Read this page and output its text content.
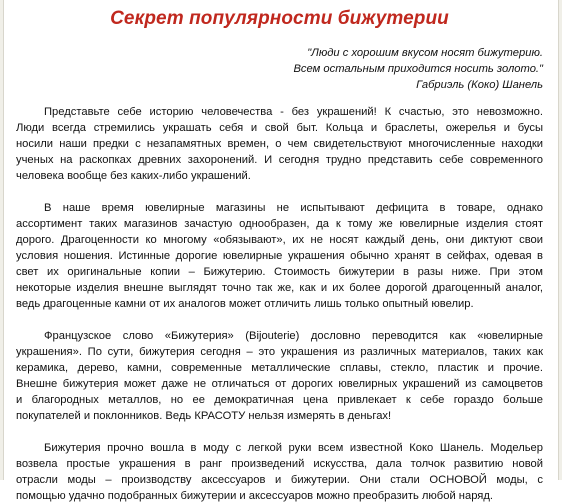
Секрет популярности бижутерии
"Люди с хорошим вкусом носят бижутерию.
Всем остальным приходится носить золото."
Габриэль (Коко) Шанель
Представьте себе историю человечества - без украшений! К счастью, это невозможно.
Люди всегда стремились украшать себя и свой быт. Кольца и браслеты, ожерелья и бусы
носили наши предки с незапамятных времен, о чем свидетельствуют многочисленные находки
ученых на раскопках древних захоронений. И сегодня трудно представить себе современного
человека вообще без каких-либо украшений.
В наше время ювелирные магазины не испытывают дефицита в товаре, однако
ассортимент таких магазинов зачастую однообразен, да к тому же ювелирные изделия стоят
дорого. Драгоценности ко многому «обязывают», их не носят каждый день, они диктуют свои
условия ношения. Истинные дорогие ювелирные украшения обычно хранят в сейфах, одевая в
свет их оригинальные копии – Бижутерию. Стоимость бижутерии в разы ниже. При этом
некоторые изделия внешне выглядят точно так же, как и их более дорогой драгоценный аналог,
ведь драгоценные камни от их аналогов может отличить лишь только опытный ювелир.
Французское слово «Бижутерия» (Bijouterie) дословно переводится как «ювелирные
украшения». По сути, бижутерия сегодня – это украшения из различных материалов, таких как
керамика, дерево, камни, современные металлические сплавы, стекло, пластик и прочие.
Внешне бижутерия может даже не отличаться от дорогих ювелирных украшений из самоцветов
и благородных металлов, но ее демократичная цена привлекает к себе гораздо больше
покупателей и поклонников. Ведь КРАСОТУ нельзя измерять в деньгах!
Бижутерия прочно вошла в моду с легкой руки всем известной Коко Шанель. Модельер
возвела простые украшения в ранг произведений искусства, дала толчок развитию новой
отрасли моды – производству аксессуаров и бижутерии. Они стали ОСНОВОЙ моды, с
помощью удачно подобранных бижутерии и аксессуаров можно преобразить любой наряд.
